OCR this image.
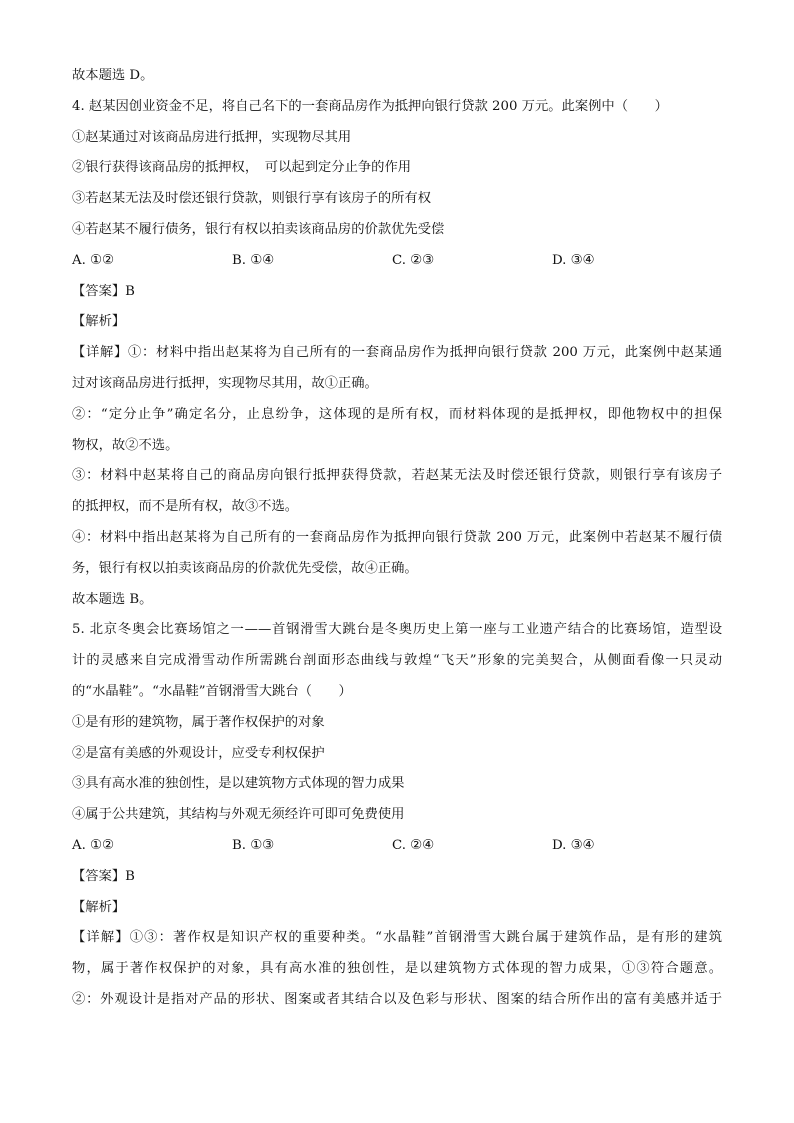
故本题选 D。
4. 赵某因创业资金不足，将自己名下的一套商品房作为抵押向银行贷款 200 万元。此案例中（　　）
①赵某通过对该商品房进行抵押，实现物尽其用
②银行获得该商品房的抵押权，　可以起到定分止争的作用
③若赵某无法及时偿还银行贷款，则银行享有该房子的所有权
④若赵某不履行债务，银行有权以拍卖该商品房的价款优先受偿
A. ①②	B. ①④	C. ②③	D. ③④
【答案】B
【解析】
【详解】①：材料中指出赵某将为自己所有的一套商品房作为抵押向银行贷款 200 万元，此案例中赵某通
过对该商品房进行抵押，实现物尽其用，故①正确。
②：“定分止争”确定名分，止息纷争，这体现的是所有权，而材料体现的是抵押权，即他物权中的担保
物权，故②不选。
③：材料中赵某将自己的商品房向银行抵押获得贷款，若赵某无法及时偿还银行贷款，则银行享有该房子
的抵押权，而不是所有权，故③不选。
④：材料中指出赵某将为自己所有的一套商品房作为抵押向银行贷款 200 万元，此案例中若赵某不履行债
务，银行有权以拍卖该商品房的价款优先受偿，故④正确。
故本题选 B。
5. 北京冬奥会比赛场馆之一——首钢滑雪大跳台是冬奥历史上第一座与工业遗产结合的比赛场馆，造型设
计的灵感来自完成滑雪动作所需跳台剖面形态曲线与敦煌“飞天”形象的完美契合，从侧面看像一只灵动
的“水晶鞋”。“水晶鞋”首钢滑雪大跳台（　　）
①是有形的建筑物，属于著作权保护的对象
②是富有美感的外观设计，应受专利权保护
③具有高水准的独创性，是以建筑物方式体现的智力成果
④属于公共建筑，其结构与外观无须经许可即可免费使用
A. ①②	B. ①③	C. ②④	D. ③④
【答案】B
【解析】
【详解】①③：著作权是知识产权的重要种类。“水晶鞋”首钢滑雪大跳台属于建筑作品，是有形的建筑
物，属于著作权保护的对象，具有高水准的独创性，是以建筑物方式体现的智力成果，①③符合题意。
②：外观设计是指对产品的形状、图案或者其结合以及色彩与形状、图案的结合所作出的富有美感并适于
